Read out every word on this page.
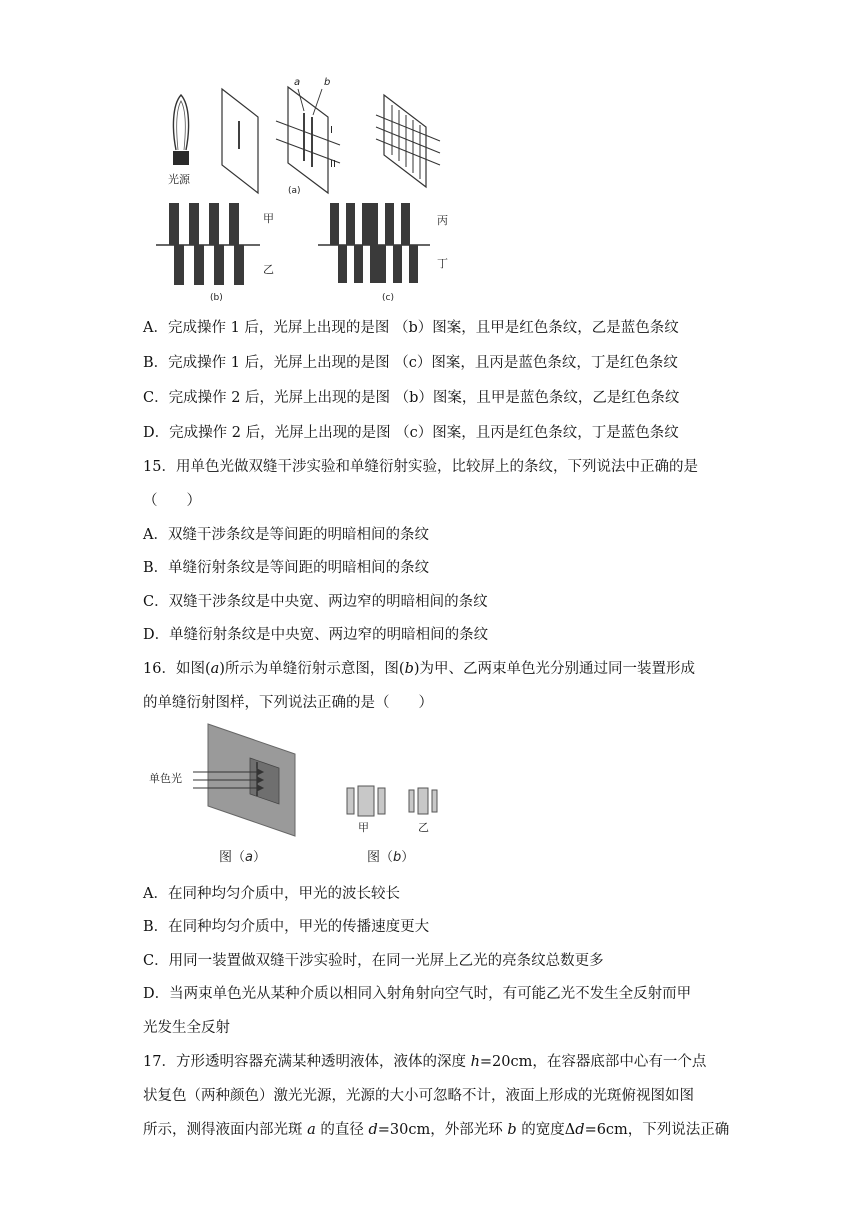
光源
a b
I
II
(a)
甲
乙
(b)
丙
丁
(c)
A．完成操作 1 后，光屏上出现的是图 （b）图案，且甲是红色条纹，乙是蓝色条纹
B．完成操作 1 后，光屏上出现的是图 （c）图案，且丙是蓝色条纹，丁是红色条纹
C．完成操作 2 后，光屏上出现的是图 （b）图案，且甲是蓝色条纹，乙是红色条纹
D．完成操作 2 后，光屏上出现的是图 （c）图案，且丙是红色条纹，丁是蓝色条纹
15．用单色光做双缝干涉实验和单缝衍射实验，比较屏上的条纹，下列说法中正确的是
（　　）
A．双缝干涉条纹是等间距的明暗相间的条纹
B．单缝衍射条纹是等间距的明暗相间的条纹
C．双缝干涉条纹是中央宽、两边窄的明暗相间的条纹
D．单缝衍射条纹是中央宽、两边窄的明暗相间的条纹
16．如图(a)所示为单缝衍射示意图，图(b)为甲、乙两束单色光分别通过同一装置形成
的单缝衍射图样，下列说法正确的是（　　）
单色光
甲	乙
图（a）	图（b）
A．在同种均匀介质中，甲光的波长较长
B．在同种均匀介质中，甲光的传播速度更大
C．用同一装置做双缝干涉实验时，在同一光屏上乙光的亮条纹总数更多
D．当两束单色光从某种介质以相同入射角射向空气时，有可能乙光不发生全反射而甲
光发生全反射
17．方形透明容器充满某种透明液体，液体的深度 h=20cm，在容器底部中心有一个点
状复色（两种颜色）激光光源，光源的大小可忽略不计，液面上形成的光斑俯视图如图
所示，测得液面内部光斑 a 的直径 d=30cm，外部光环 b 的宽度Δd=6cm，下列说法正确
